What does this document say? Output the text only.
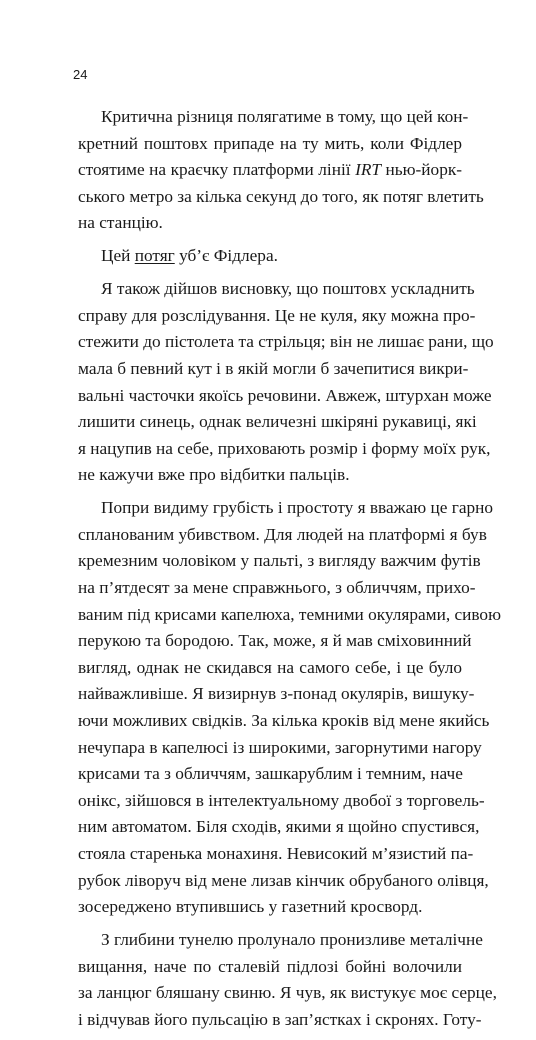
24
Критична різниця полягатиме в тому, що цей кон-
кретний поштовх припаде на ту мить, коли Фідлер
стоятиме на краєчку платформи лінії IRT нью-йорк-
ського метро за кілька секунд до того, як потяг влетить
на станцію.
Цей потяг уб’є Фідлера.
Я також дійшов висновку, що поштовх ускладнить
справу для розслідування. Це не куля, яку можна про-
стежити до пістолета та стрільця; він не лишає рани, що
мала б певний кут і в якій могли б зачепитися викри-
вальні часточки якоїсь речовини. Авжеж, штурхан може
лишити синець, однак величезні шкіряні рукавиці, які
я нацупив на себе, приховають розмір і форму моїх рук,
не кажучи вже про відбитки пальців.
Попри видиму грубість і простоту я вважаю це гарно
спланованим убивством. Для людей на платформі я був
кремезним чоловіком у пальті, з вигляду важчим футів
на п’ятдесят за мене справжнього, з обличчям, прихо-
ваним під крисами капелюха, темними окулярами, сивою
перукою та бородою. Так, може, я й мав сміховинний
вигляд, однак не скидався на самого себе, і це було
найважливіше. Я визирнув з-понад окулярів, вишуку-
ючи можливих свідків. За кілька кроків від мене якийсь
нечупара в капелюсі із широкими, загорнутими нагору
крисами та з обличчям, зашкарублим і темним, наче
онікс, зійшовся в інтелектуальному двобої з торговель-
ним автоматом. Біля сходів, якими я щойно спустився,
стояла старенька монахиня. Невисокий м’язистий па-
рубок ліворуч від мене лизав кінчик обрубаного олівця,
зосереджено втупившись у газетний кросворд.
З глибини тунелю пролунало пронизливе металічне
вищання, наче по сталевій підлозі бойні волочили
за ланцюг бляшану свиню. Я чув, як вистукує моє серце,
і відчував його пульсацію в зап’ястках і скронях. Готу-
